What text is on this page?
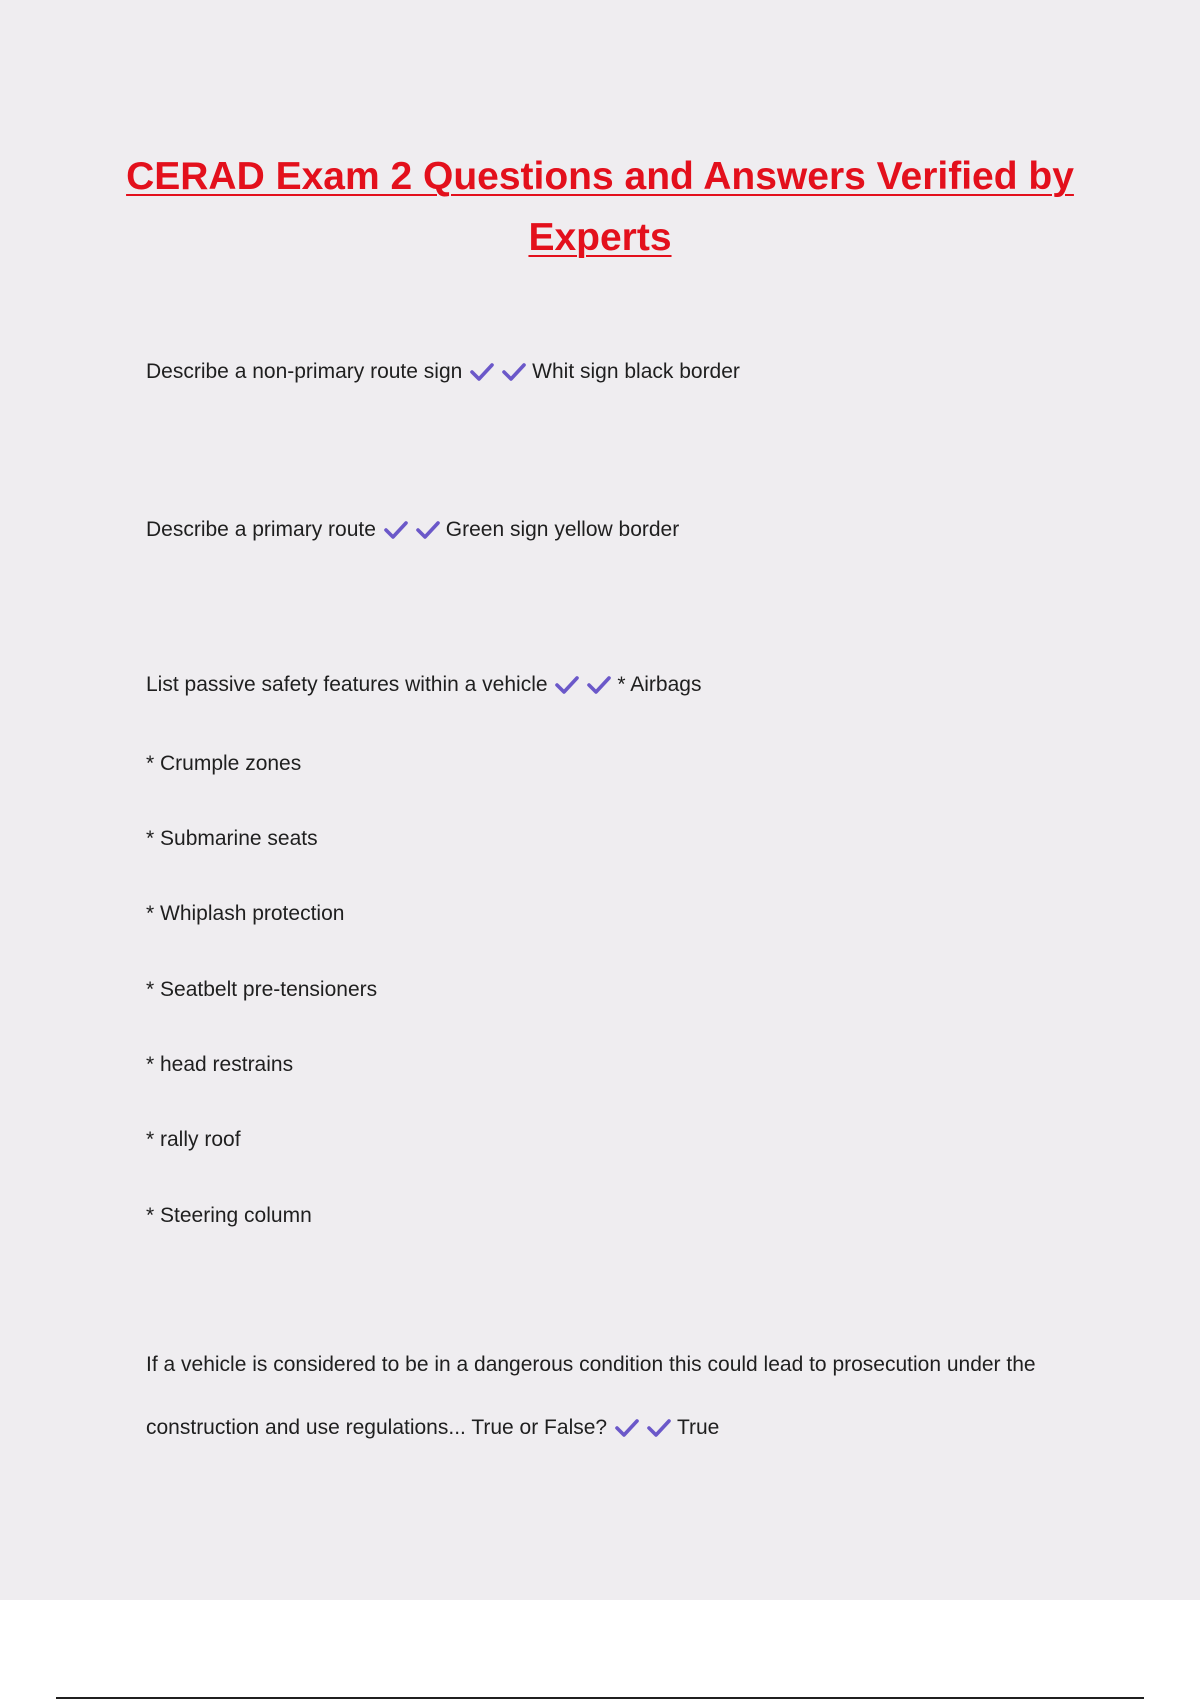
CERAD Exam 2 Questions and Answers Verified by Experts

Describe a non-primary route sign	Whit sign black border

Describe a primary route	Green sign yellow border

List passive safety features within a vehicle	* Airbags

* Crumple zones

* Submarine seats

* Whiplash protection

* Seatbelt pre-tensioners

* head restrains

* rally roof

* Steering column

If a vehicle is considered to be in a dangerous condition this could lead to prosecution under the

construction and use regulations... True or False?	True
